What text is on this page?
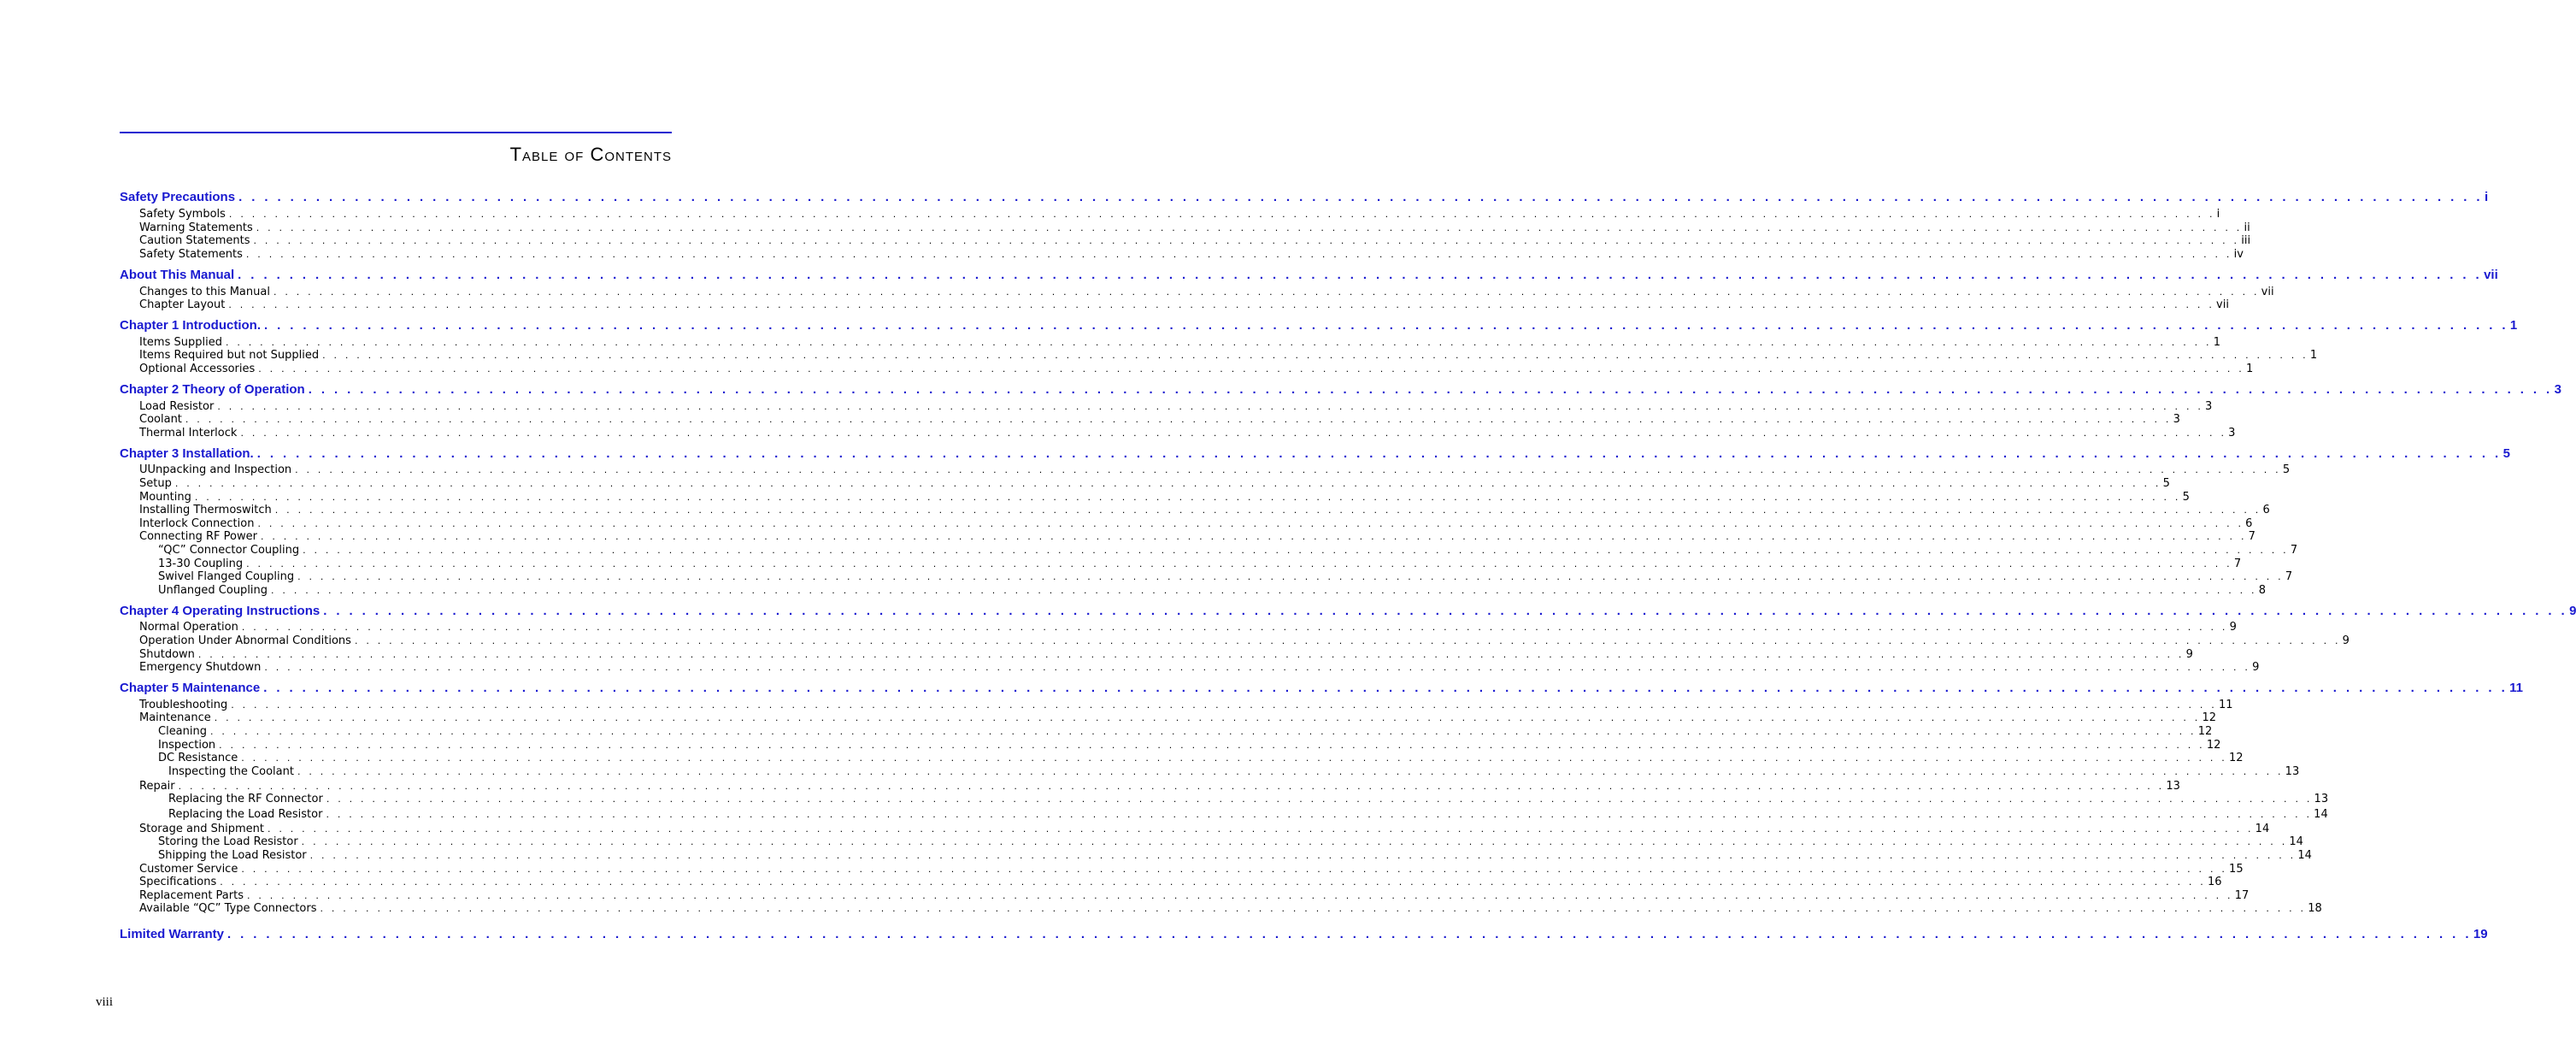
Table of Contents
Safety Precautions . . .	i
Safety Symbols . . .	i
Warning Statements . . .	ii
Caution Statements . . .	iii
Safety Statements . . .	iv
About This Manual . . .	vii
Changes to this Manual . . .	vii
Chapter Layout . . .	vii
Chapter 1 Introduction. . . .	1
Items Supplied . . .	1
Items Required but not Supplied . . .	1
Optional Accessories . . .	1
Chapter 2 Theory of Operation . . .	3
Load Resistor . . .	3
Coolant . . .	3
Thermal Interlock . . .	3
Chapter 3 Installation. . . .	5
UUnpacking and Inspection . . .	5
Setup . . .	5
Mounting . . .	5
Installing Thermoswitch . . .	6
Interlock Connection . . .	6
Connecting RF Power . . .	7
“QC” Connector Coupling . . .	7
13-30 Coupling . . .	7
Swivel Flanged Coupling . . .	7
Unflanged Coupling . . .	8
Chapter 4 Operating Instructions . . .	9
Normal Operation . . .	9
Operation Under Abnormal Conditions . . .	9
Shutdown . . .	9
Emergency Shutdown . . .	9
Chapter 5 Maintenance . . .	11
Troubleshooting . . .	11
Maintenance . . .	12
Cleaning . . .	12
Inspection . . .	12
DC Resistance . . .	12
Inspecting the Coolant . . .	13
Repair . . .	13
Replacing the RF Connector . . .	13
Replacing the Load Resistor . . .	14
Storage and Shipment . . .	14
Storing the Load Resistor . . .	14
Shipping the Load Resistor . . .	14
Customer Service . . .	15
Specifications . . .	16
Replacement Parts . . .	17
Available “QC” Type Connectors . . .	18
Limited Warranty . . .	19
viii
